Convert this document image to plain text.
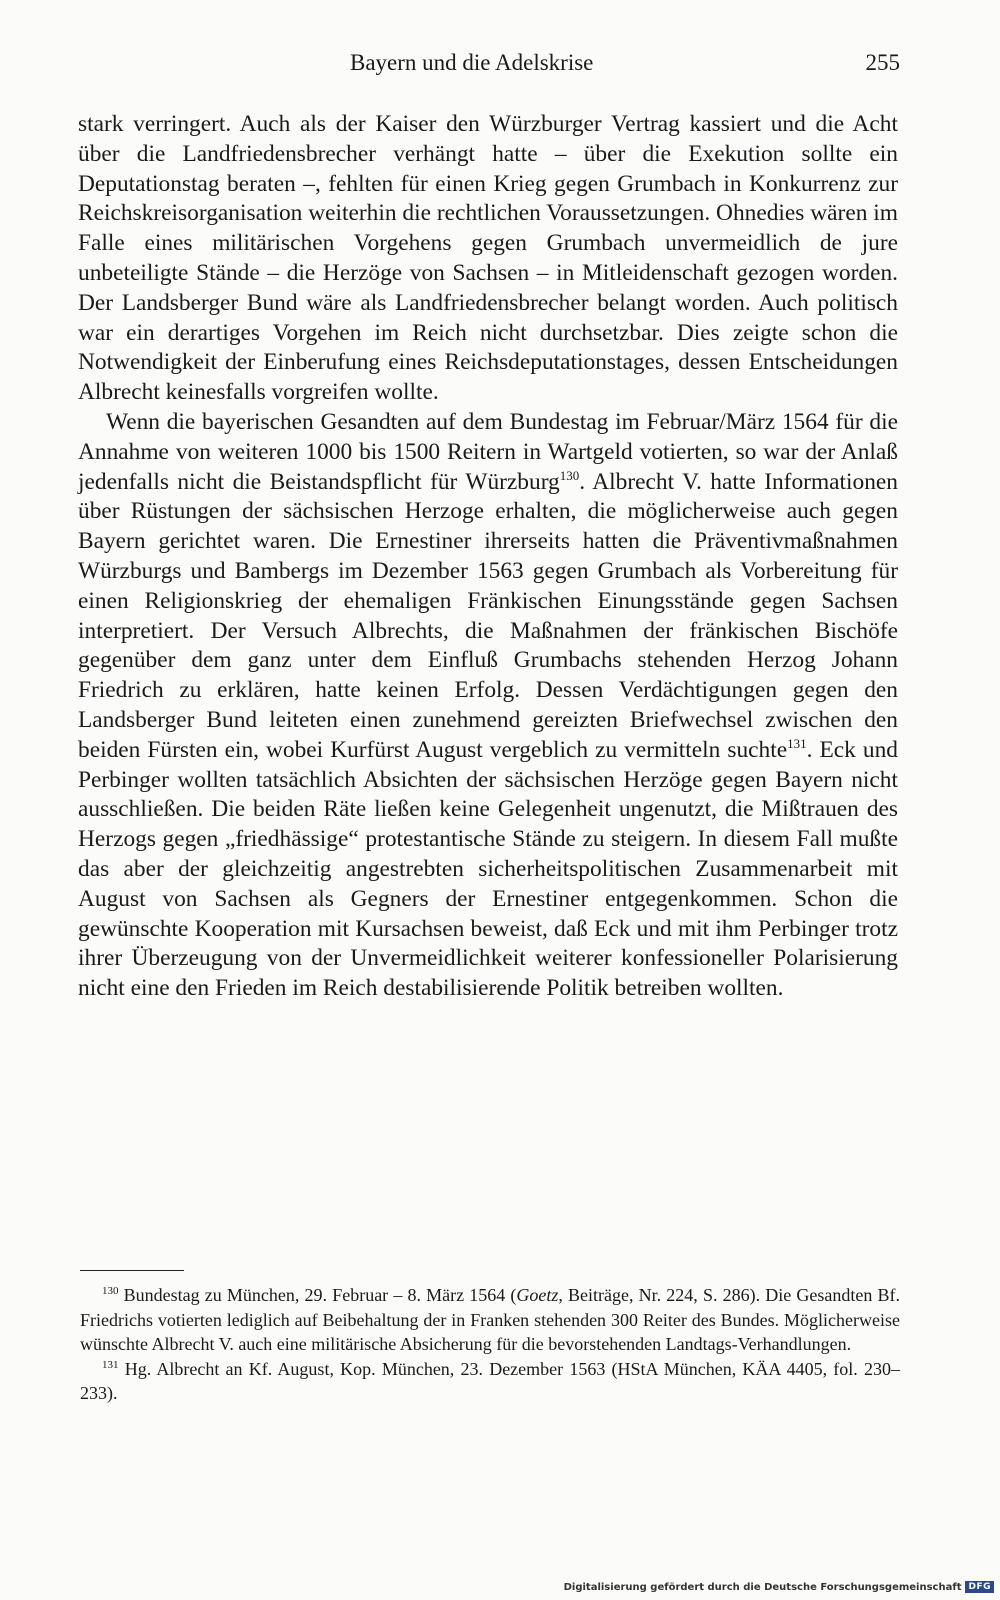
Bayern und die Adelskrise	255

stark verringert. Auch als der Kaiser den Würzburger Vertrag kassiert und die Acht über die Landfriedensbrecher verhängt hatte – über die Exekution sollte ein Deputationstag beraten –, fehlten für einen Krieg gegen Grumbach in Konkurrenz zur Reichskreisorganisation weiterhin die rechtlichen Voraussetzungen. Ohnedies wären im Falle eines militärischen Vorgehens gegen Grumbach unvermeidlich de jure unbeteiligte Stände – die Herzöge von Sachsen – in Mitleidenschaft gezogen worden. Der Landsberger Bund wäre als Landfriedensbrecher belangt worden. Auch politisch war ein derartiges Vorgehen im Reich nicht durchsetzbar. Dies zeigte schon die Notwendigkeit der Einberufung eines Reichsdeputationstages, dessen Entscheidungen Albrecht keinesfalls vorgreifen wollte.

Wenn die bayerischen Gesandten auf dem Bundestag im Februar/März 1564 für die Annahme von weiteren 1000 bis 1500 Reitern in Wartgeld votierten, so war der Anlaß jedenfalls nicht die Beistandspflicht für Würzburg$^{130}$. Albrecht V. hatte Informationen über Rüstungen der sächsischen Herzoge erhalten, die möglicherweise auch gegen Bayern gerichtet waren. Die Ernestiner ihrerseits hatten die Präventivmaßnahmen Würzburgs und Bambergs im Dezember 1563 gegen Grumbach als Vorbereitung für einen Religionskrieg der ehemaligen Fränkischen Einungsstände gegen Sachsen interpretiert. Der Versuch Albrechts, die Maßnahmen der fränkischen Bischöfe gegenüber dem ganz unter dem Einfluß Grumbachs stehenden Herzog Johann Friedrich zu erklären, hatte keinen Erfolg. Dessen Verdächtigungen gegen den Landsberger Bund leiteten einen zunehmend gereizten Briefwechsel zwischen den beiden Fürsten ein, wobei Kurfürst August vergeblich zu vermitteln suchte$^{131}$. Eck und Perbinger wollten tatsächlich Absichten der sächsischen Herzöge gegen Bayern nicht ausschließen. Die beiden Räte ließen keine Gelegenheit ungenutzt, die Mißtrauen des Herzogs gegen „friedhässige“ protestantische Stände zu steigern. In diesem Fall mußte das aber der gleichzeitig angestrebten sicherheitspolitischen Zusammenarbeit mit August von Sachsen als Gegners der Ernestiner entgegenkommen. Schon die gewünschte Kooperation mit Kursachsen beweist, daß Eck und mit ihm Perbinger trotz ihrer Überzeugung von der Unvermeidlichkeit weiterer konfessioneller Polarisierung nicht eine den Frieden im Reich destabilisierende Politik betreiben wollten.

$^{130}$ Bundestag zu München, 29. Februar – 8. März 1564 (Goetz, Beiträge, Nr. 224, S. 286). Die Gesandten Bf. Friedrichs votierten lediglich auf Beibehaltung der in Franken stehenden 300 Reiter des Bundes. Möglicherweise wünschte Albrecht V. auch eine militärische Absicherung für die bevorstehenden Landtags-Verhandlungen.

$^{131}$ Hg. Albrecht an Kf. August, Kop. München, 23. Dezember 1563 (HStA München, KÄA 4405, fol. 230–233).

Digitalisierung gefördert durch die Deutsche Forschungsgemeinschaft DFG
